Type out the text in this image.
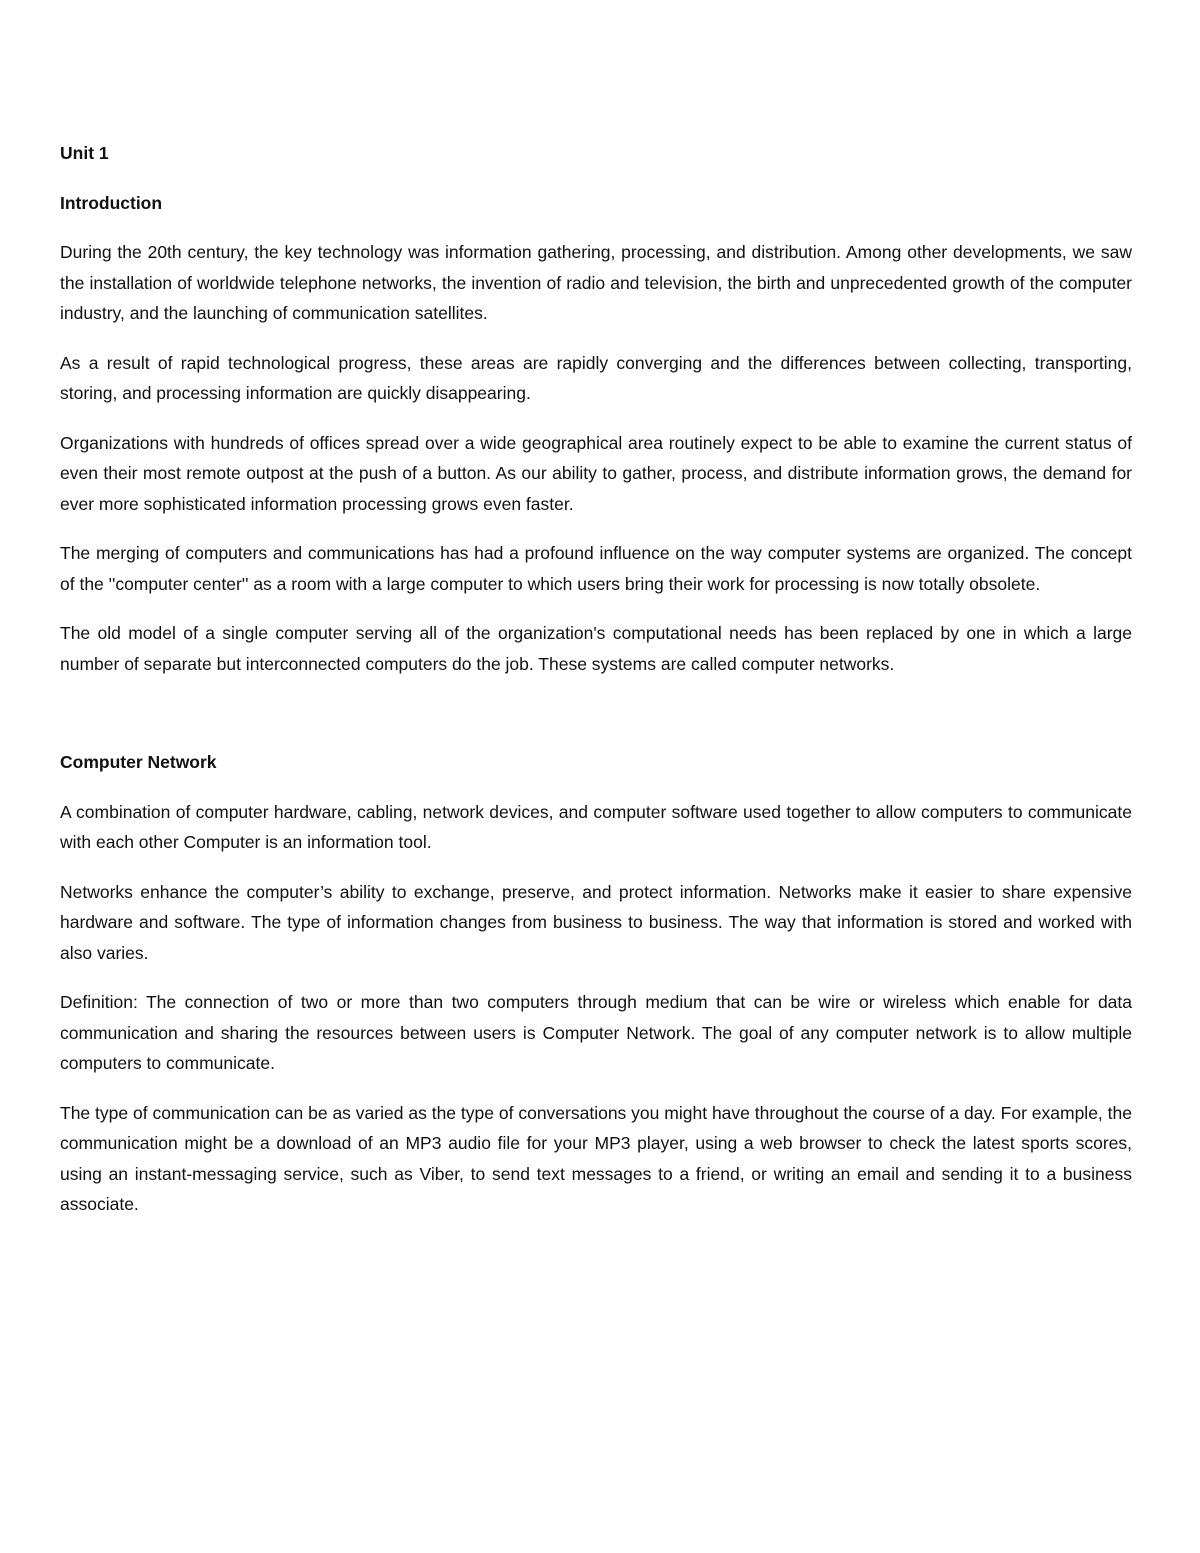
Unit 1

Introduction

During the 20th century, the key technology was information gathering, processing, and distribution. Among other developments, we saw the installation of worldwide telephone networks, the invention of radio and television, the birth and unprecedented growth of the computer industry, and the launching of communication satellites.

As a result of rapid technological progress, these areas are rapidly converging and the differences between collecting, transporting, storing, and processing information are quickly disappearing.

Organizations with hundreds of offices spread over a wide geographical area routinely expect to be able to examine the current status of even their most remote outpost at the push of a button. As our ability to gather, process, and distribute information grows, the demand for ever more sophisticated information processing grows even faster.

The merging of computers and communications has had a profound influence on the way computer systems are organized. The concept of the ''computer center'' as a room with a large computer to which users bring their work for processing is now totally obsolete.

The old model of a single computer serving all of the organization's computational needs has been replaced by one in which a large number of separate but interconnected computers do the job. These systems are called computer networks.

Computer Network

A combination of computer hardware, cabling, network devices, and computer software used together to allow computers to communicate with each other Computer is an information tool.

Networks enhance the computer’s ability to exchange, preserve, and protect information. Networks make it easier to share expensive hardware and software. The type of information changes from business to business. The way that information is stored and worked with also varies.

Definition: The connection of two or more than two computers through medium that can be wire or wireless which enable for data communication and sharing the resources between users is Computer Network. The goal of any computer network is to allow multiple computers to communicate.

The type of communication can be as varied as the type of conversations you might have throughout the course of a day. For example, the communication might be a download of an MP3 audio file for your MP3 player, using a web browser to check the latest sports scores, using an instant-messaging service, such as Viber, to send text messages to a friend, or writing an email and sending it to a business associate.
